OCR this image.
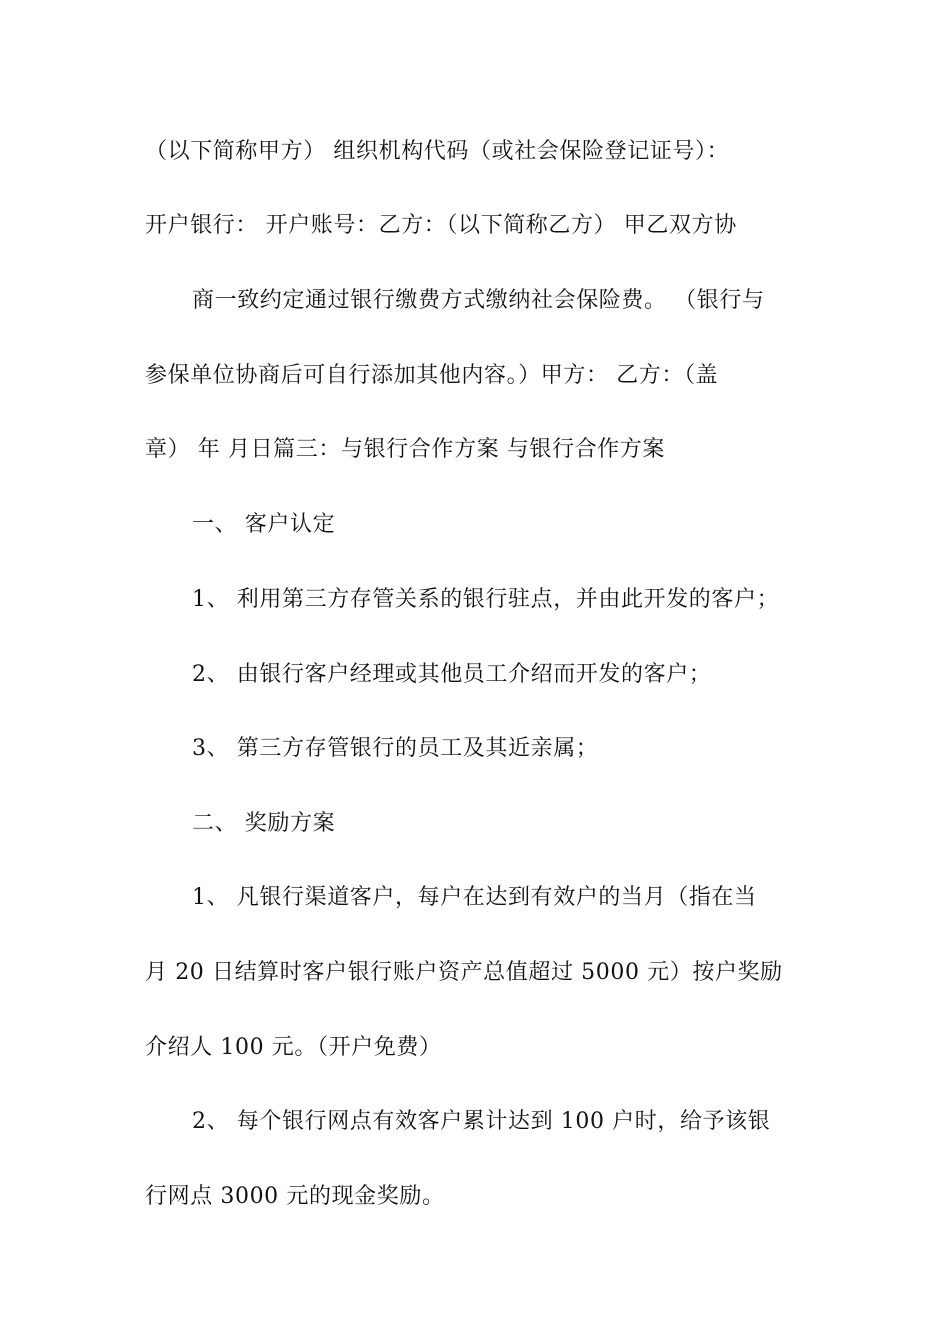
（以下简称甲方） 组织机构代码（或社会保险登记证号）：
开户银行： 开户账号：乙方：（以下简称乙方） 甲乙双方协
商一致约定通过银行缴费方式缴纳社会保险费。 （银行与
参保单位协商后可自行添加其他内容。）甲方： 乙方：（盖
章） 年 月日篇三：与银行合作方案 与银行合作方案
一、 客户认定
1、 利用第三方存管关系的银行驻点，并由此开发的客户；
2、 由银行客户经理或其他员工介绍而开发的客户；
3、 第三方存管银行的员工及其近亲属；
二、 奖励方案
1、 凡银行渠道客户，每户在达到有效户的当月（指在当
月 20 日结算时客户银行账户资产总值超过 5000 元）按户奖励
介绍人 100 元。（开户免费）
2、 每个银行网点有效客户累计达到 100 户时，给予该银
行网点 3000 元的现金奖励。
